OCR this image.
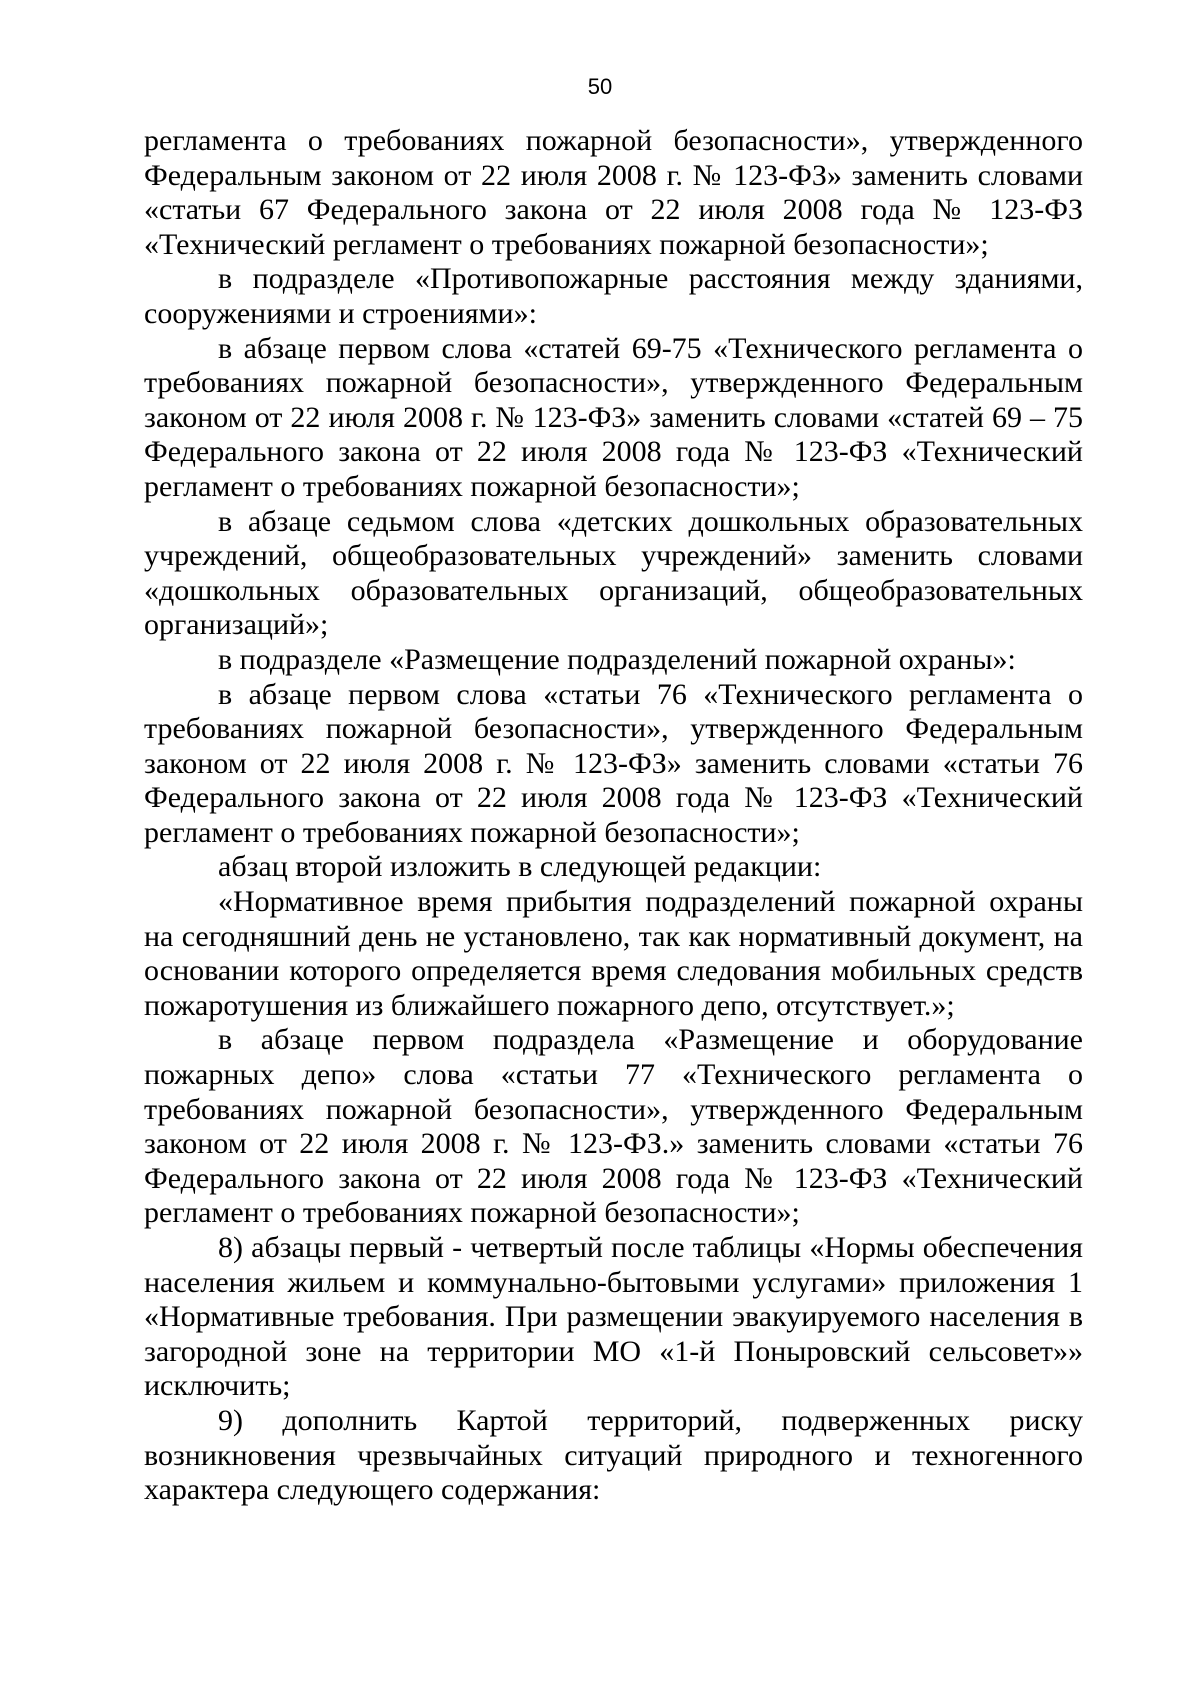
50

регламента о требованиях пожарной безопасности», утвержденного Федеральным законом от 22 июля 2008 г. № 123-ФЗ» заменить словами «статьи 67 Федерального закона от 22 июля 2008 года № 123-ФЗ «Технический регламент о требованиях пожарной безопасности»;

в подразделе «Противопожарные расстояния между зданиями, сооружениями и строениями»:

в абзаце первом слова «статей 69-75 «Технического регламента о требованиях пожарной безопасности», утвержденного Федеральным законом от 22 июля 2008 г. № 123-ФЗ» заменить словами «статей 69 – 75 Федерального закона от 22 июля 2008 года № 123-ФЗ «Технический регламент о требованиях пожарной безопасности»;

в абзаце седьмом слова «детских дошкольных образовательных учреждений, общеобразовательных учреждений» заменить словами «дошкольных образовательных организаций, общеобразовательных организаций»;

в подразделе «Размещение подразделений пожарной охраны»:

в абзаце первом слова «статьи 76 «Технического регламента о требованиях пожарной безопасности», утвержденного Федеральным законом от 22 июля 2008 г. № 123-ФЗ» заменить словами «статьи 76 Федерального закона от 22 июля 2008 года № 123-ФЗ «Технический регламент о требованиях пожарной безопасности»;

абзац второй изложить в следующей редакции:

«Нормативное время прибытия подразделений пожарной охраны на сегодняшний день не установлено, так как нормативный документ, на основании которого определяется время следования мобильных средств пожаротушения из ближайшего пожарного депо, отсутствует.»;

в абзаце первом подраздела «Размещение и оборудование пожарных депо» слова «статьи 77 «Технического регламента о требованиях пожарной безопасности», утвержденного Федеральным законом от 22 июля 2008 г. № 123-ФЗ.» заменить словами «статьи 76 Федерального закона от 22 июля 2008 года № 123-ФЗ «Технический регламент о требованиях пожарной безопасности»;

8) абзацы первый - четвертый после таблицы «Нормы обеспечения населения жильем и коммунально-бытовыми услугами» приложения 1 «Нормативные требования. При размещении эвакуируемого населения в загородной зоне на территории МО «1-й Поныровский сельсовет»» исключить;

9) дополнить Картой территорий, подверженных риску возникновения чрезвычайных ситуаций природного и техногенного характера следующего содержания:
